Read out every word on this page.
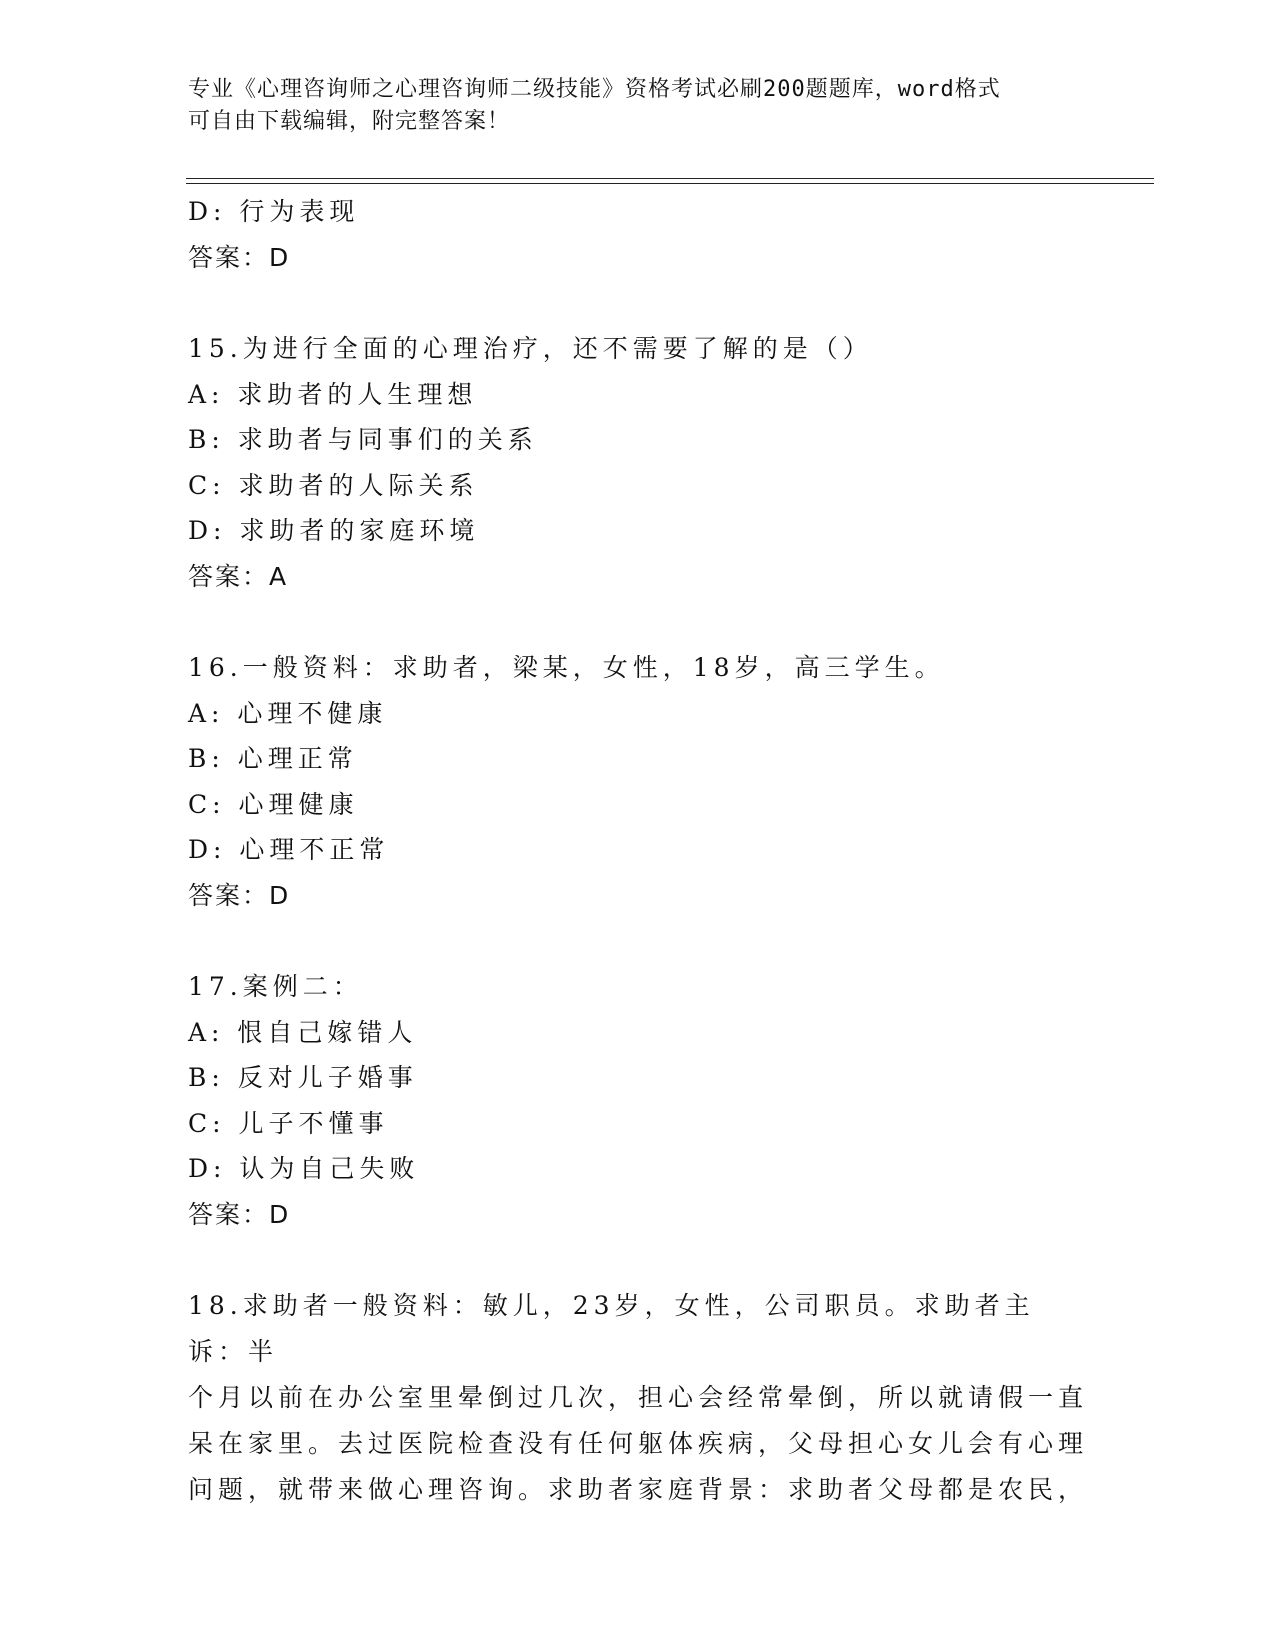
专业《心理咨询师之心理咨询师二级技能》资格考试必刷200题题库，word格式
可自由下载编辑，附完整答案！
D: 行为表现
答案：D
15.为进行全面的心理治疗，还不需要了解的是（）
A: 求助者的人生理想
B: 求助者与同事们的关系
C: 求助者的人际关系
D: 求助者的家庭环境
答案：A
16.一般资料：求助者，梁某，女性，18岁，高三学生。
A: 心理不健康
B: 心理正常
C: 心理健康
D: 心理不正常
答案：D
17.案例二：
A: 恨自己嫁错人
B: 反对儿子婚事
C: 儿子不懂事
D: 认为自己失败
答案：D
18.求助者一般资料：敏儿，23岁，女性，公司职员。求助者主诉：半
个月以前在办公室里晕倒过几次，担心会经常晕倒，所以就请假一直
呆在家里。去过医院检查没有任何躯体疾病，父母担心女儿会有心理
问题，就带来做心理咨询。求助者家庭背景：求助者父母都是农民，
